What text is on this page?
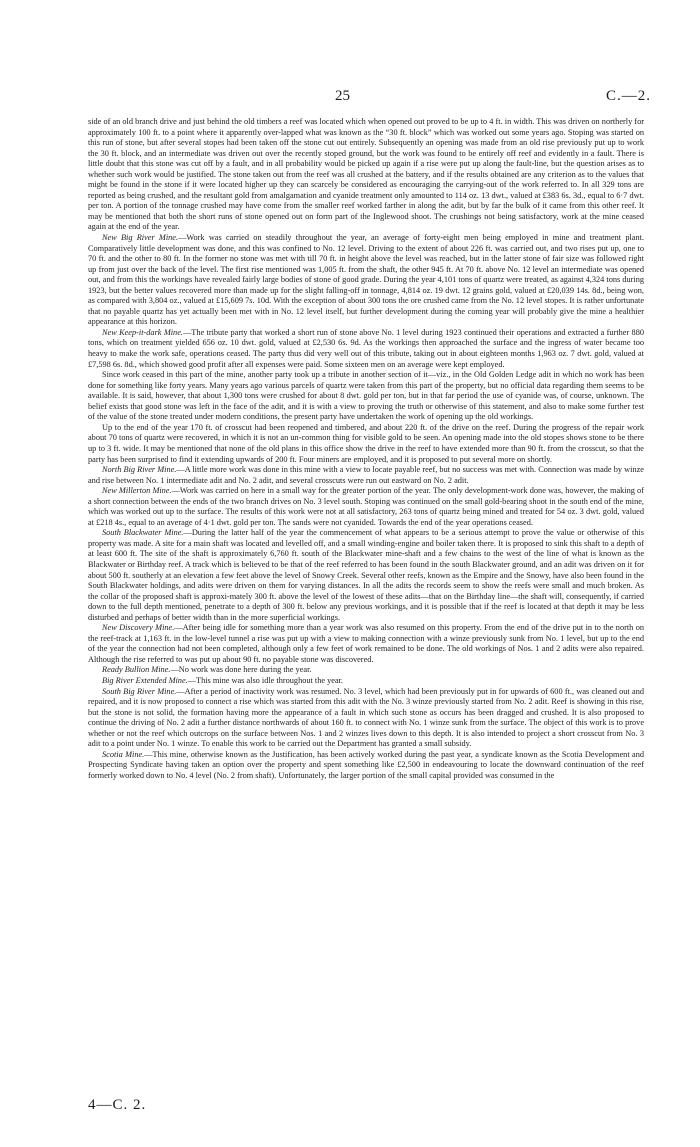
25	C.—2.

side of an old branch drive and just behind the old timbers a reef was located which when opened out proved to be up to 4 ft. in width. This was driven on northerly for approximately 100 ft. to a point where it apparently over-lapped what was known as the “30 ft. block” which was worked out some years ago. Stoping was started on this run of stone, but after several stopes had been taken off the stone cut out entirely. Subsequently an opening was made from an old rise previously put up to work the 30 ft. block, and an intermediate was driven out over the recently stoped ground, but the work was found to be entirely off reef and evidently in a fault. There is little doubt that this stone was cut off by a fault, and in all probability would be picked up again if a rise were put up along the fault-line, but the question arises as to whether such work would be justified. The stone taken out from the reef was all crushed at the battery, and if the results obtained are any criterion as to the values that might be found in the stone if it were located higher up they can scarcely be considered as encouraging the carrying-out of the work referred to. In all 329 tons are reported as being crushed, and the resultant gold from amalgamation and cyanide treatment only amounted to 114 oz. 13 dwt., valued at £383 6s. 3d., equal to 6·7 dwt. per ton. A portion of the tonnage crushed may have come from the smaller reef worked farther in along the adit, but by far the bulk of it came from this other reef. It may be mentioned that both the short runs of stone opened out on form part of the Inglewood shoot. The crushings not being satisfactory, work at the mine ceased again at the end of the year.

New Big River Mine.—Work was carried on steadily throughout the year, an average of forty-eight men being employed in mine and treatment plant. Comparatively little development was done, and this was confined to No. 12 level. Driving to the extent of about 226 ft. was carried out, and two rises put up, one to 70 ft. and the other to 80 ft. In the former no stone was met with till 70 ft. in height above the level was reached, but in the latter stone of fair size was followed right up from just over the back of the level. The first rise mentioned was 1,005 ft. from the shaft, the other 945 ft. At 70 ft. above No. 12 level an intermediate was opened out, and from this the workings have revealed fairly large bodies of stone of good grade. During the year 4,101 tons of quartz were treated, as against 4,324 tons during 1923, but the better values recovered more than made up for the slight falling-off in tonnage, 4,814 oz. 19 dwt. 12 grains gold, valued at £20,039 14s. 8d., being won, as compared with 3,804 oz., valued at £15,609 7s. 10d. With the exception of about 300 tons the ore crushed came from the No. 12 level stopes. It is rather unfortunate that no payable quartz has yet actually been met with in No. 12 level itself, but further development during the coming year will probably give the mine a healthier appearance at this horizon.

New Keep-it-dark Mine.—The tribute party that worked a short run of stone above No. 1 level during 1923 continued their operations and extracted a further 880 tons, which on treatment yielded 656 oz. 10 dwt. gold, valued at £2,530 6s. 9d. As the workings then approached the surface and the ingress of water became too heavy to make the work safe, operations ceased. The party thus did very well out of this tribute, taking out in about eighteen months 1,963 oz. 7 dwt. gold, valued at £7,598 6s. 8d., which showed good profit after all expenses were paid. Some sixteen men on an average were kept employed.

Since work ceased in this part of the mine, another party took up a tribute in another section of it—viz., in the Old Golden Ledge adit in which no work has been done for something like forty years. Many years ago various parcels of quartz were taken from this part of the property, but no official data regarding them seems to be available. It is said, however, that about 1,300 tons were crushed for about 8 dwt. gold per ton, but in that far period the use of cyanide was, of course, unknown. The belief exists that good stone was left in the face of the adit, and it is with a view to proving the truth or otherwise of this statement, and also to make some further test of the value of the stone treated under modern conditions, the present party have undertaken the work of opening up the old workings.

Up to the end of the year 170 ft. of crosscut had been reopened and timbered, and about 220 ft. of the drive on the reef. During the progress of the repair work about 70 tons of quartz were recovered, in which it is not an un-common thing for visible gold to be seen. An opening made into the old stopes shows stone to be there up to 3 ft. wide. It may be mentioned that none of the old plans in this office show the drive in the reef to have extended more than 90 ft. from the crosscut, so that the party has been surprised to find it extending upwards of 200 ft. Four miners are employed, and it is proposed to put several more on shortly.

North Big River Mine.—A little more work was done in this mine with a view to locate payable reef, but no success was met with. Connection was made by winze and rise between No. 1 intermediate adit and No. 2 adit, and several crosscuts were run out eastward on No. 2 adit.

New Millerton Mine.—Work was carried on here in a small way for the greater portion of the year. The only development-work done was, however, the making of a short connection between the ends of the two branch drives on No. 3 level south. Stoping was continued on the small gold-bearing shoot in the south end of the mine, which was worked out up to the surface. The results of this work were not at all satisfactory, 263 tons of quartz being mined and treated for 54 oz. 3 dwt. gold, valued at £218 4s., equal to an average of 4·1 dwt. gold per ton. The sands were not cyanided. Towards the end of the year operations ceased.

South Blackwater Mine.—During the latter half of the year the commencement of what appears to be a serious attempt to prove the value or otherwise of this property was made. A site for a main shaft was located and levelled off, and a small winding-engine and boiler taken there. It is proposed to sink this shaft to a depth of at least 600 ft. The site of the shaft is approximately 6,760 ft. south of the Blackwater mine-shaft and a few chains to the west of the line of what is known as the Blackwater or Birthday reef. A track which is believed to be that of the reef referred to has been found in the south Blackwater ground, and an adit was driven on it for about 500 ft. southerly at an elevation a few feet above the level of Snowy Creek. Several other reefs, known as the Empire and the Snowy, have also been found in the South Blackwater holdings, and adits were driven on them for varying distances. In all the adits the records seem to show the reefs were small and much broken. As the collar of the proposed shaft is approxi-mately 300 ft. above the level of the lowest of these adits—that on the Birthday line—the shaft will, consequently, if carried down to the full depth mentioned, penetrate to a depth of 300 ft. below any previous workings, and it is possible that if the reef is located at that depth it may be less disturbed and perhaps of better width than in the more superficial workings.

New Discovery Mine.—After being idle for something more than a year work was also resumed on this property. From the end of the drive put in to the north on the reef-track at 1,163 ft. in the low-level tunnel a rise was put up with a view to making connection with a winze previously sunk from No. 1 level, but up to the end of the year the connection had not been completed, although only a few feet of work remained to be done. The old workings of Nos. 1 and 2 adits were also repaired. Although the rise referred to was put up about 90 ft. no payable stone was discovered.

Ready Bullion Mine.—No work was done here during the year.

Big River Extended Mine.—This mine was also idle throughout the year.

South Big River Mine.—After a period of inactivity work was resumed. No. 3 level, which had been previously put in for upwards of 600 ft., was cleaned out and repaired, and it is now proposed to connect a rise which was started from this adit with the No. 3 winze previously started from No. 2 adit. Reef is showing in this rise, but the stone is not solid, the formation having more the appearance of a fault in which such stone as occurs has been dragged and crushed. It is also proposed to continue the driving of No. 2 adit a further distance northwards of about 160 ft. to connect with No. 1 winze sunk from the surface. The object of this work is to prove whether or not the reef which outcrops on the surface between Nos. 1 and 2 winzes lives down to this depth. It is also intended to project a short crosscut from No. 3 adit to a point under No. 1 winze. To enable this work to be carried out the Department has granted a small subsidy.

Scotia Mine.—This mine, otherwise known as the Justification, has been actively worked during the past year, a syndicate known as the Scotia Development and Prospecting Syndicate having taken an option over the property and spent something like £2,500 in endeavouring to locate the downward continuation of the reef formerly worked down to No. 4 level (No. 2 from shaft). Unfortunately, the larger portion of the small capital provided was consumed in the

4—C. 2.
